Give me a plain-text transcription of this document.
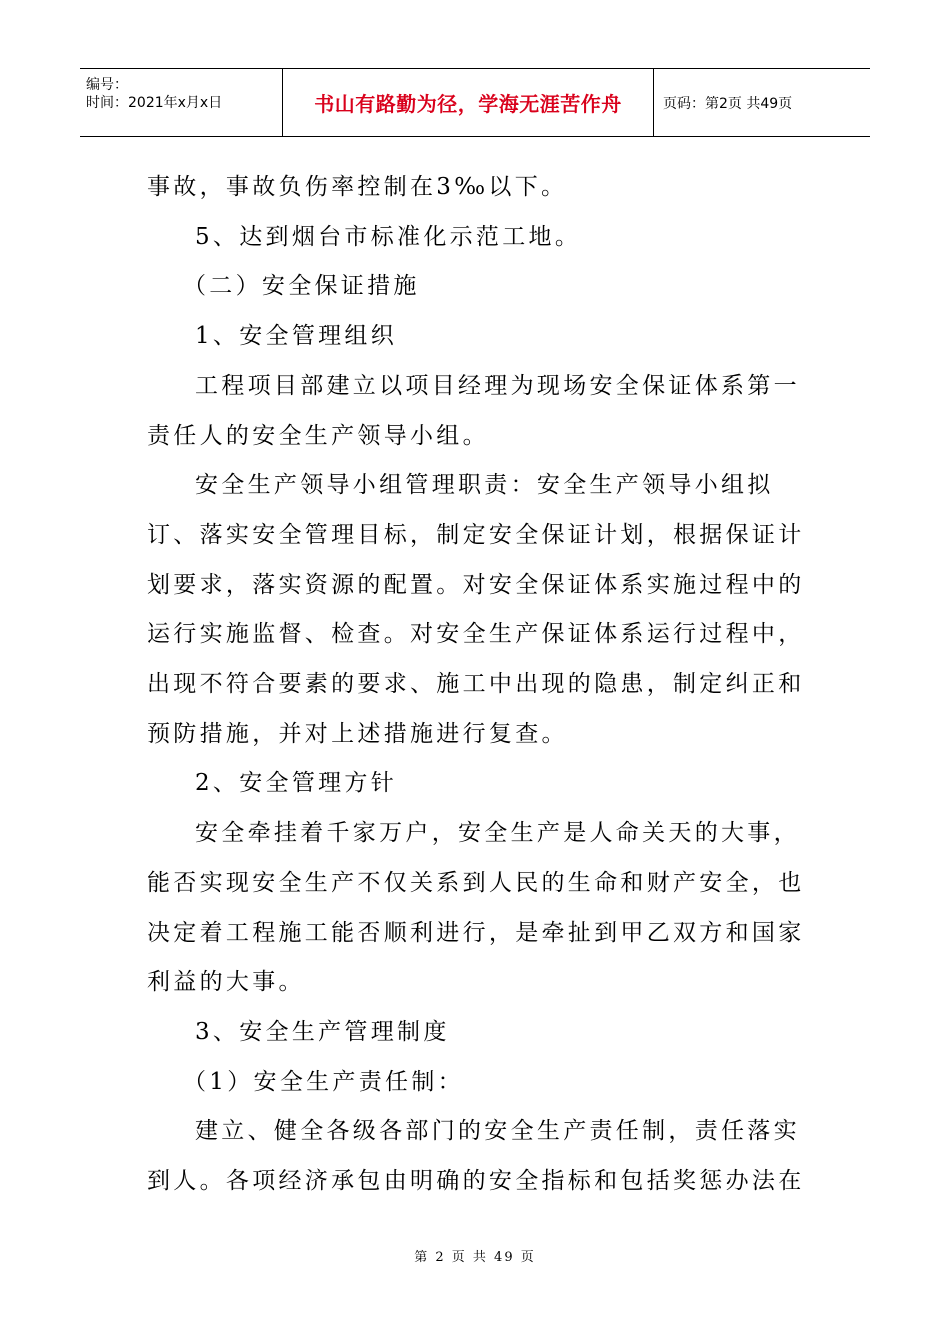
编号：
时间：2021年x月x日	书山有路勤为径，学海无涯苦作舟	页码：第2页 共49页

事故，事故负伤率控制在3‰以下。

5、达到烟台市标准化示范工地。

（二）安全保证措施

1、安全管理组织

工程项目部建立以项目经理为现场安全保证体系第一责任人的安全生产领导小组。

安全生产领导小组管理职责：安全生产领导小组拟订、落实安全管理目标，制定安全保证计划，根据保证计划要求，落实资源的配置。对安全保证体系实施过程中的运行实施监督、检查。对安全生产保证体系运行过程中，出现不符合要素的要求、施工中出现的隐患，制定纠正和预防措施，并对上述措施进行复查。

2、安全管理方针

安全牵挂着千家万户，安全生产是人命关天的大事，能否实现安全生产不仅关系到人民的生命和财产安全，也决定着工程施工能否顺利进行，是牵扯到甲乙双方和国家利益的大事。

3、安全生产管理制度

（1）安全生产责任制：

建立、健全各级各部门的安全生产责任制，责任落实到人。各项经济承包由明确的安全指标和包括奖惩办法在

第 2 页 共 49 页
